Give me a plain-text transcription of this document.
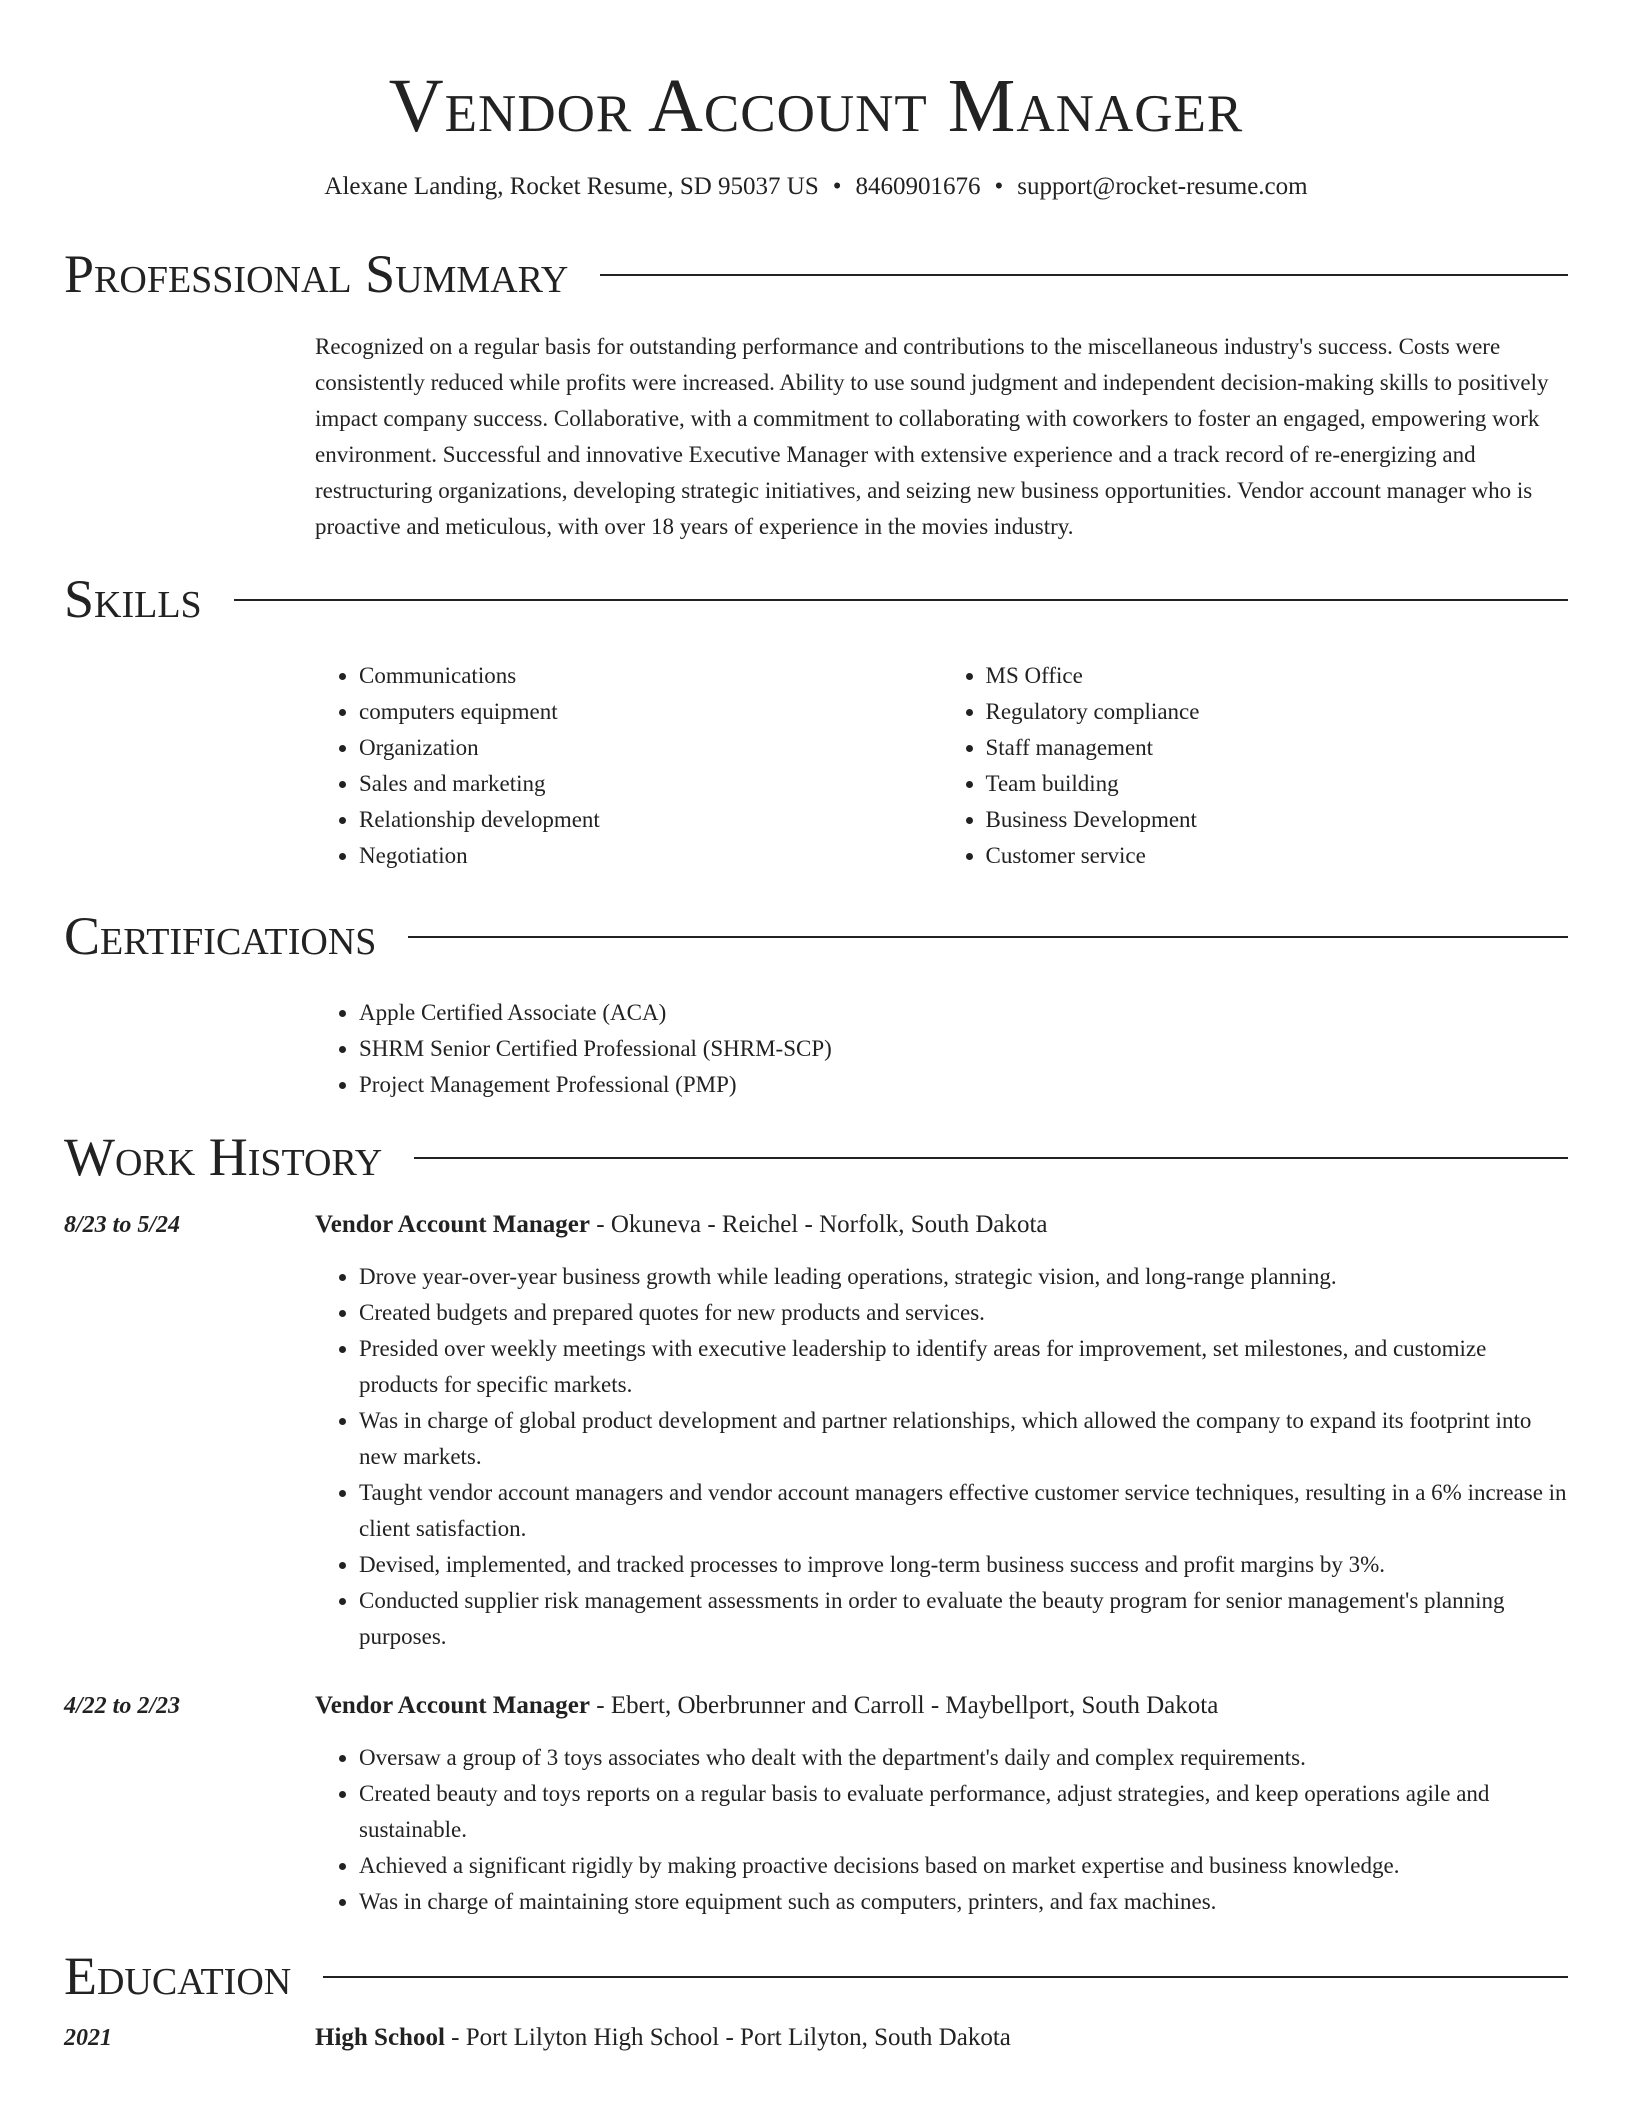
Vendor Account Manager
Alexane Landing, Rocket Resume, SD 95037 US • 8460901676 • support@rocket-resume.com
Professional Summary
Recognized on a regular basis for outstanding performance and contributions to the miscellaneous industry's success. Costs were consistently reduced while profits were increased. Ability to use sound judgment and independent decision-making skills to positively impact company success. Collaborative, with a commitment to collaborating with coworkers to foster an engaged, empowering work environment. Successful and innovative Executive Manager with extensive experience and a track record of re-energizing and restructuring organizations, developing strategic initiatives, and seizing new business opportunities. Vendor account manager who is proactive and meticulous, with over 18 years of experience in the movies industry.
Skills
• Communications
• computers equipment
• Organization
• Sales and marketing
• Relationship development
• Negotiation
• MS Office
• Regulatory compliance
• Staff management
• Team building
• Business Development
• Customer service
Certifications
• Apple Certified Associate (ACA)
• SHRM Senior Certified Professional (SHRM-SCP)
• Project Management Professional (PMP)
Work History
8/23 to 5/24	Vendor Account Manager - Okuneva - Reichel - Norfolk, South Dakota
• Drove year-over-year business growth while leading operations, strategic vision, and long-range planning.
• Created budgets and prepared quotes for new products and services.
• Presided over weekly meetings with executive leadership to identify areas for improvement, set milestones, and customize products for specific markets.
• Was in charge of global product development and partner relationships, which allowed the company to expand its footprint into new markets.
• Taught vendor account managers and vendor account managers effective customer service techniques, resulting in a 6% increase in client satisfaction.
• Devised, implemented, and tracked processes to improve long-term business success and profit margins by 3%.
• Conducted supplier risk management assessments in order to evaluate the beauty program for senior management's planning purposes.
4/22 to 2/23	Vendor Account Manager - Ebert, Oberbrunner and Carroll - Maybellport, South Dakota
• Oversaw a group of 3 toys associates who dealt with the department's daily and complex requirements.
• Created beauty and toys reports on a regular basis to evaluate performance, adjust strategies, and keep operations agile and sustainable.
• Achieved a significant rigidly by making proactive decisions based on market expertise and business knowledge.
• Was in charge of maintaining store equipment such as computers, printers, and fax machines.
Education
2021	High School - Port Lilyton High School - Port Lilyton, South Dakota
